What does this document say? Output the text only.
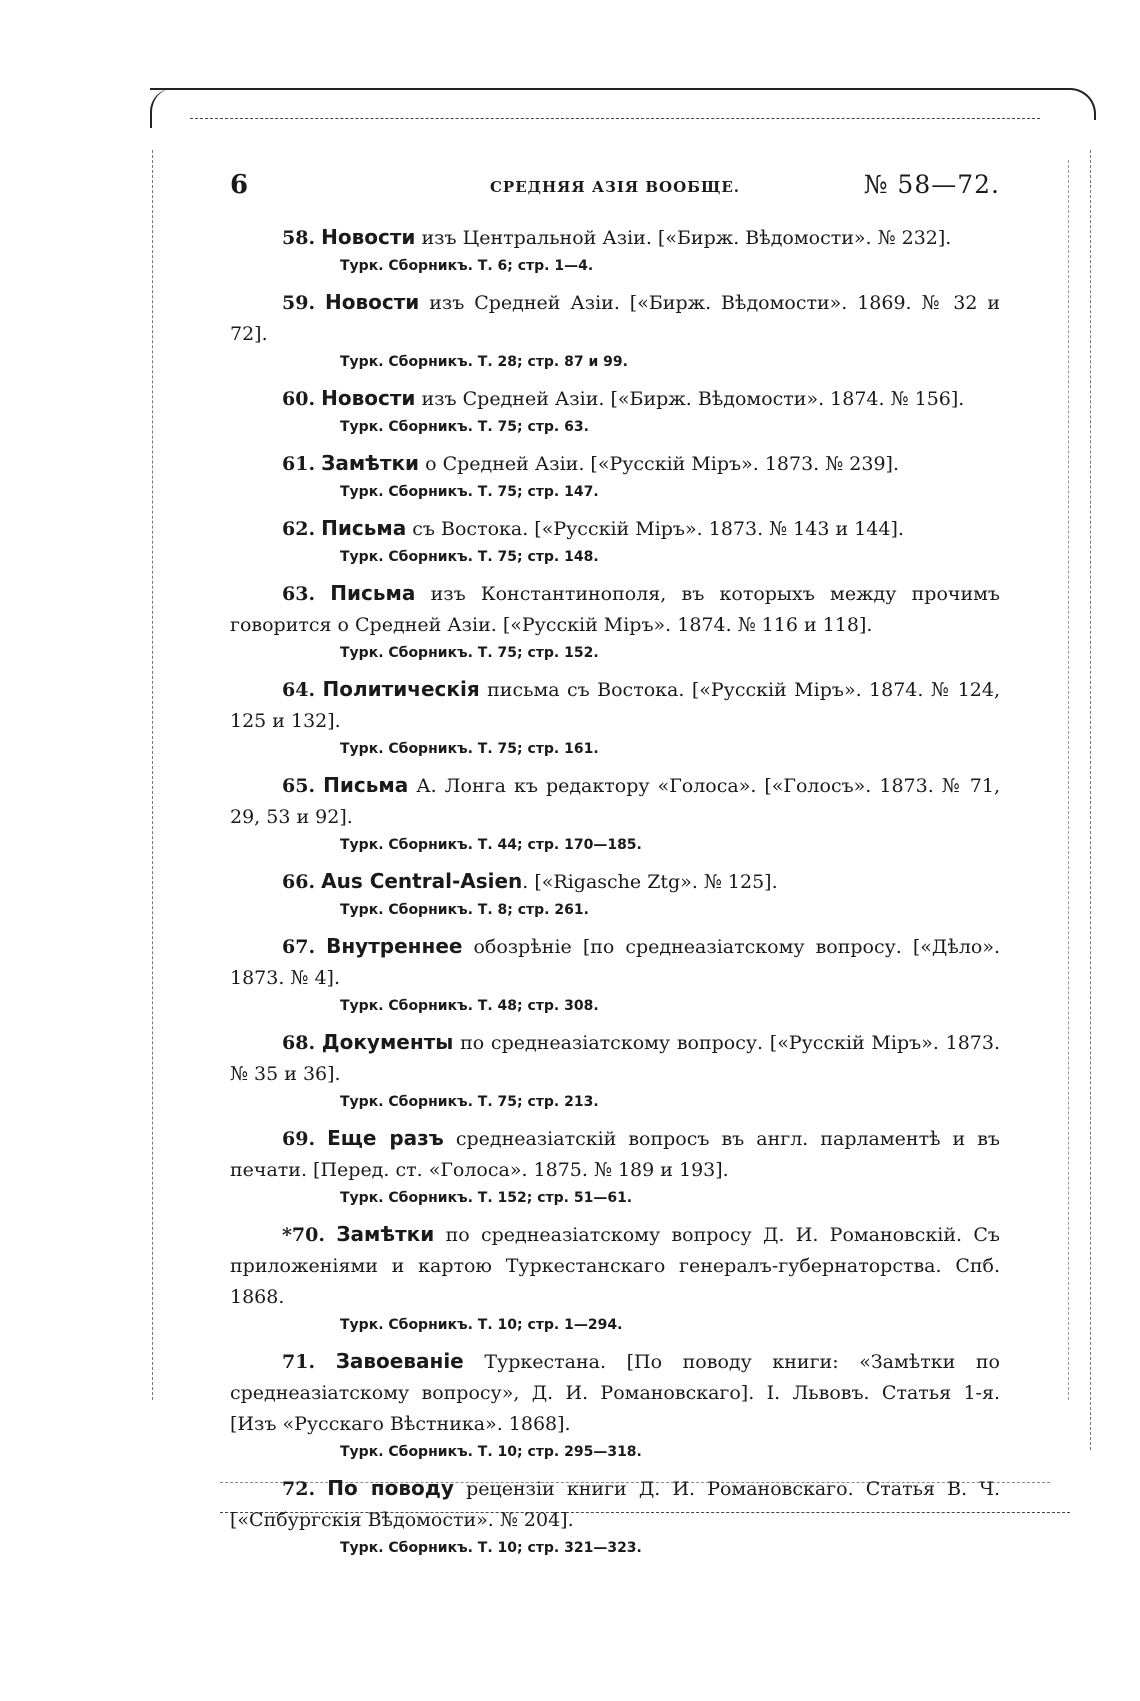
6	СРЕДНЯЯ АЗІЯ ВООБЩЕ.	№ 58—72.

58. Новости изъ Центральной Азіи. [«Бирж. Вѣдомости». № 232].

Турк. Сборникъ. Т. 6; стр. 1—4.

59. Новости изъ Средней Азіи. [«Бирж. Вѣдомости». 1869. № 32 и 72].

Турк. Сборникъ. Т. 28; стр. 87 и 99.

60. Новости изъ Средней Азіи. [«Бирж. Вѣдомости». 1874. № 156].

Турк. Сборникъ. Т. 75; стр. 63.

61. Замѣтки о Средней Азіи. [«Русскій Міръ». 1873. № 239].

Турк. Сборникъ. Т. 75; стр. 147.

62. Письма съ Востока. [«Русскій Міръ». 1873. № 143 и 144].

Турк. Сборникъ. Т. 75; стр. 148.

63. Письма изъ Константинополя, въ которыхъ между прочимъ говорится о Средней Азіи. [«Русскій Міръ». 1874. № 116 и 118].

Турк. Сборникъ. Т. 75; стр. 152.

64. Политическія письма съ Востока. [«Русскій Міръ». 1874. № 124, 125 и 132].

Турк. Сборникъ. Т. 75; стр. 161.

65. Письма А. Лонга къ редактору «Голоса». [«Голосъ». 1873. № 71, 29, 53 и 92].

Турк. Сборникъ. Т. 44; стр. 170—185.

66. Aus Central-Asien. [«Rigasche Ztg». № 125].

Турк. Сборникъ. Т. 8; стр. 261.

67. Внутреннее обозрѣніе [по среднеазіатскому вопросу. [«Дѣло». 1873. № 4].

Турк. Сборникъ. Т. 48; стр. 308.

68. Документы по среднеазіатскому вопросу. [«Русскій Міръ». 1873. № 35 и 36].

Турк. Сборникъ. Т. 75; стр. 213.

69. Еще разъ среднеазіатскій вопросъ въ англ. парламентѣ и въ печати. [Перед. ст. «Голоса». 1875. № 189 и 193].

Турк. Сборникъ. Т. 152; стр. 51—61.

*70. Замѣтки по среднеазіатскому вопросу Д. И. Романовскій. Съ приложеніями и картою Туркестанскаго генералъ-губернаторства. Спб. 1868.

Турк. Сборникъ. Т. 10; стр. 1—294.

71. Завоеваніе Туркестана. [По поводу книги: «Замѣтки по среднеазіатскому вопросу», Д. И. Романовскаго]. І. Львовъ. Статья 1-я. [Изъ «Русскаго Вѣстника». 1868].

Турк. Сборникъ. Т. 10; стр. 295—318.

72. По поводу рецензіи книги Д. И. Романовскаго. Статья В. Ч. [«Спбургскія Вѣдомости». № 204].

Турк. Сборникъ. Т. 10; стр. 321—323.
